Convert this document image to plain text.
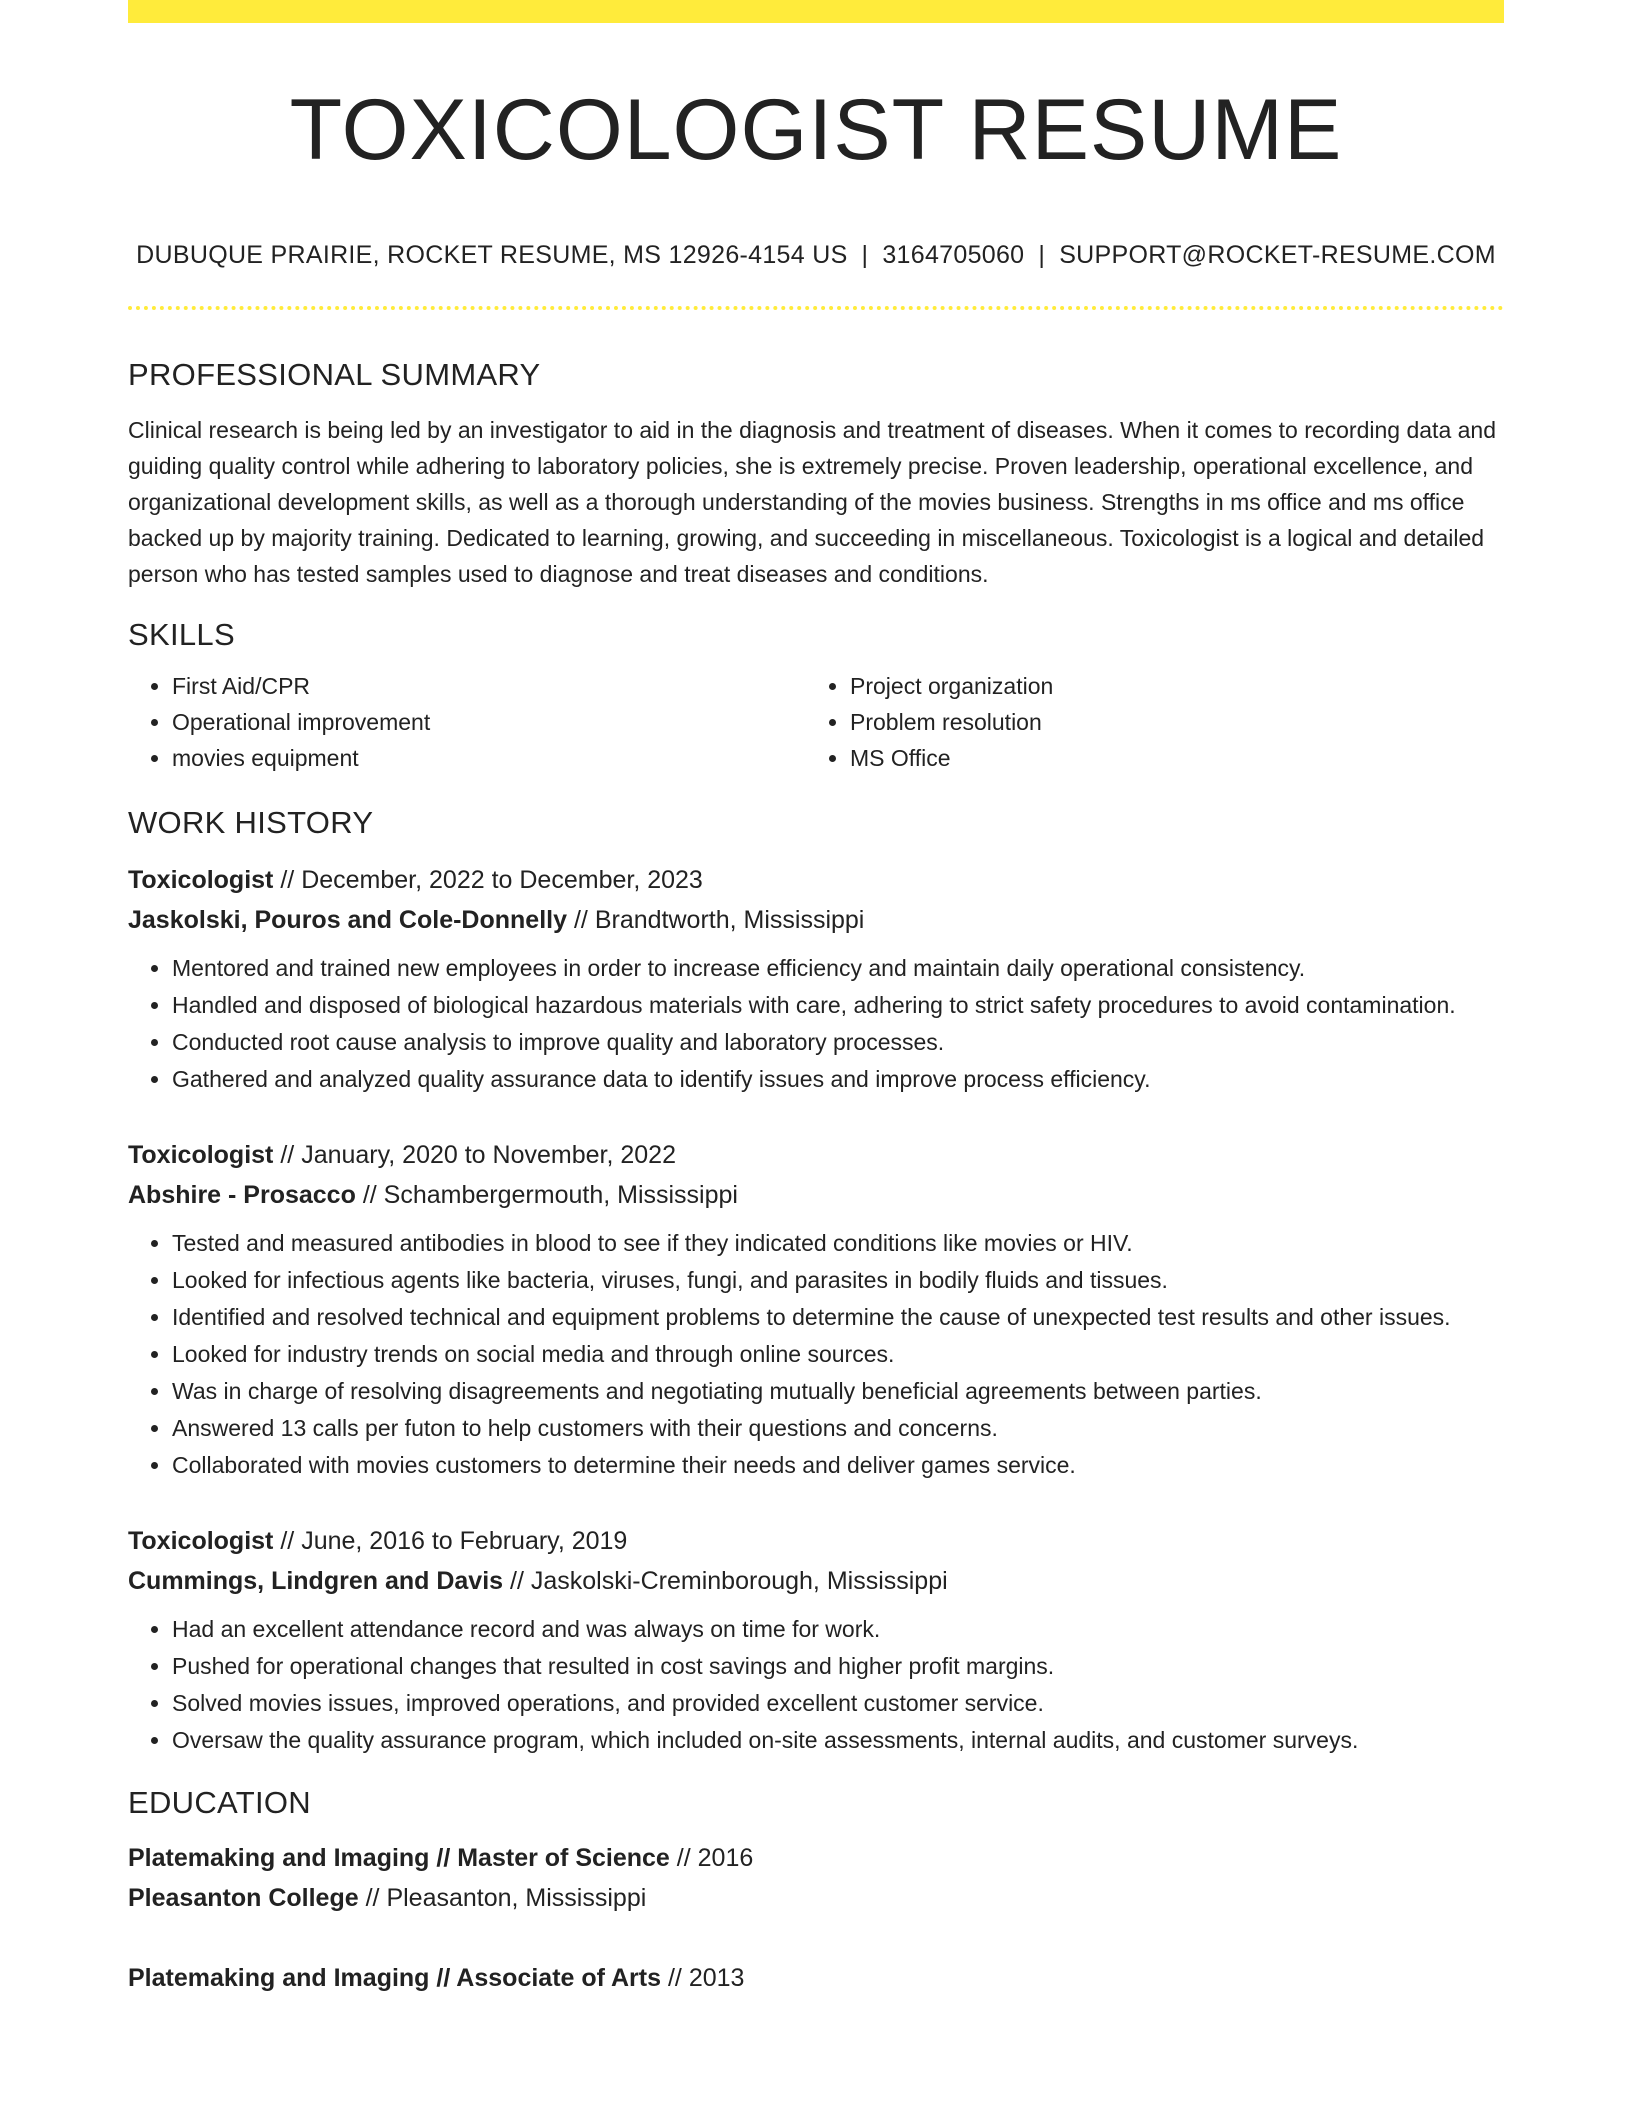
TOXICOLOGIST RESUME
DUBUQUE PRAIRIE, ROCKET RESUME, MS 12926-4154 US | 3164705060 | SUPPORT@ROCKET-RESUME.COM
PROFESSIONAL SUMMARY

Clinical research is being led by an investigator to aid in the diagnosis and treatment of diseases. When it comes to recording data and guiding quality control while adhering to laboratory policies, she is extremely precise. Proven leadership, operational excellence, and organizational development skills, as well as a thorough understanding of the movies business. Strengths in ms office and ms office backed up by majority training. Dedicated to learning, growing, and succeeding in miscellaneous. Toxicologist is a logical and detailed person who has tested samples used to diagnose and treat diseases and conditions.

SKILLS
• First Aid/CPR
• Operational improvement
• movies equipment
• Project organization
• Problem resolution
• MS Office
WORK HISTORY

Toxicologist // December, 2022 to December, 2023

Jaskolski, Pouros and Cole-Donnelly // Brandtworth, Mississippi

• Mentored and trained new employees in order to increase efficiency and maintain daily operational consistency.
• Handled and disposed of biological hazardous materials with care, adhering to strict safety procedures to avoid contamination.
• Conducted root cause analysis to improve quality and laboratory processes.
• Gathered and analyzed quality assurance data to identify issues and improve process efficiency.

Toxicologist // January, 2020 to November, 2022

Abshire - Prosacco // Schambergermouth, Mississippi

• Tested and measured antibodies in blood to see if they indicated conditions like movies or HIV.
• Looked for infectious agents like bacteria, viruses, fungi, and parasites in bodily fluids and tissues.
• Identified and resolved technical and equipment problems to determine the cause of unexpected test results and other issues.
• Looked for industry trends on social media and through online sources.
• Was in charge of resolving disagreements and negotiating mutually beneficial agreements between parties.
• Answered 13 calls per futon to help customers with their questions and concerns.
• Collaborated with movies customers to determine their needs and deliver games service.

Toxicologist // June, 2016 to February, 2019

Cummings, Lindgren and Davis // Jaskolski-Creminborough, Mississippi

• Had an excellent attendance record and was always on time for work.
• Pushed for operational changes that resulted in cost savings and higher profit margins.
• Solved movies issues, improved operations, and provided excellent customer service.
• Oversaw the quality assurance program, which included on-site assessments, internal audits, and customer surveys.
EDUCATION

Platemaking and Imaging // Master of Science // 2016

Pleasanton College // Pleasanton, Mississippi

Platemaking and Imaging // Associate of Arts // 2013
